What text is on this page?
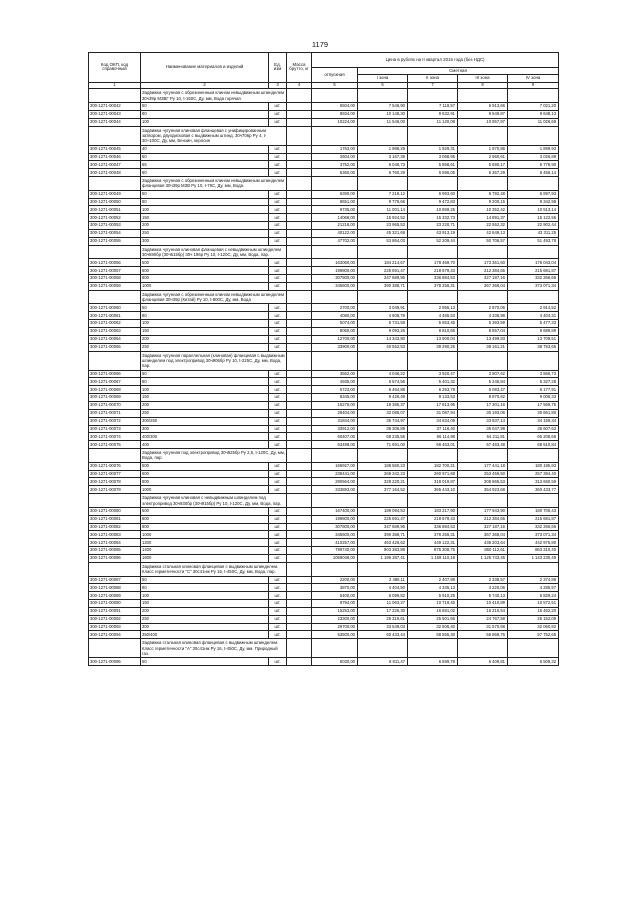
1179
Код ОКП, код справочный	Наименование материалов и изделий	Ед. изм	Масса брутто, кг	Цена в рублях на II квартал 2016 года (без НДС)				
				отпускная	Сметная			
					I зона	II зона	III зона	IV зона
1	2	3	4	5	6	7	8	9
	Задвижка чугунная с обрезиненным клином невыдвижным шпинделем 30ч39р МЗВГ Ру 10, t-150С, Ду, мм, Вода горячая							
300-1271-00042	50	шт.		6504,00	7 546,90	7 118,57	6 913,66	7 021,20
300-1271-00043	80	шт.		8934,00	10 148,30	9 632,91	9 549,87	9 648,13
300-1271-00044	100	шт.		10224,00	11 546,00	11 120,08	10 857,97	11 026,69
	Задвижка чугунная клиновая фланцевая с унифицированным затвором, двухдисковая с выдвижным штинд. 30ч706р Ру 4, t-30+100С, Ду, мм, Бензин, керосин							
300-1271-00045	40	шт.		1763,00	1 988,29	1 929,31	1 870,86	1 899,93
300-1271-00046	50	шт.		2604,00	3 167,39	3 068,95	2 960,61	3 026,89
300-1271-00047	65	шт.		3752,00	6 046,73	5 858,61	5 690,17	5 778,90
300-1271-00048	80	шт.		5360,00	6 760,29	6 596,05	6 367,29	6 456,14
	Задвижка чугунная с обрезиненным клином невыдвижным шпинделем фланцевая 30ч39р МЗВ Ру 10, t-79С, Ду, мм, Вода.							
300-1271-00049	50	шт.		6390,00	7 218,12	6 993,60	6 792,48	6 897,93
300-1271-00050	80	шт.		8651,00	9 776,66	9 472,83	9 200,15	9 342,98
300-1271-00051	100	шт.		9735,00	11 001,14	10 659,25	10 352,42	10 513,14
300-1271-00052	150	шт.		14068,00	15 924,52	15 332,73	14 891,37	15 122,56
300-1271-00053	200	шт.		21218,00	23 965,53	23 220,71	22 552,32	22 902,44
300-1271-00054	250	шт.		40122,00	45 321,69	43 913,19	42 649,13	43 311,25
300-1271-00055	300	шт.		47702,00	53 864,03	52 209,44	50 706,57	51 493,78
	Задвижка чугунная клиновая фланцевая с невыдвижным шпинделем 30ч590бр (30ч515бр) 30ч 196р Ру 10, t-120С, Ду, мм, Вода, пар.							
300-1271-00056	500	шт.		163060,00	184 214,67	178 469,70	173 351,60	176 043,04
300-1271-00057	600	шт.		199800,00	225 691,47	218 679,43	212 384,65	215 681,87
300-1271-00058	800	шт.		307800,00	347 689,95	336 884,53	327 187,16	332 266,66
300-1271-00059	1000	шт.		345600,00	390 388,71	378 256,31	367 368,04	373 071,34
	Задвижка чугунная с обрезиненным клином невыдвижным шпинделем фланцевая 30ч39р (Китай) Ру 10, t-800С, Ду, мм, Вода							
300-1271-00060	50	шт.		2700,00	3 049,91	2 955,13	2 870,06	2 914,52
300-1271-00061	80	шт.		4080,00	4 608,76	4 465,53	4 336,98	4 404,31
300-1271-00062	100	шт.		5074,00	5 731,58	5 553,45	5 393,59	5 477,33
300-1271-00063	150	шт.		8050,00	9 093,26	8 810,66	8 557,04	8 689,89
300-1271-00064	200	шт.		12700,00	14 343,80	13 900,04	13 499,93	13 709,51
300-1271-00065	250	шт.		33900,00	40 552,53	39 290,25	38 161,21	38 753,65
	Задвижка чугунная параллельная (клиновая) фланцевая с выдвижным шпинделем под электропривод 30ч906бр Ру 10, t-225С, Ду, мм, Вода, пар.							
300-1271-00066	50	шт.		3562,00	4 046,22	3 920,47	3 807,62	3 866,73
300-1271-00067	80	шт.		4935,00	5 574,56	5 401,32	5 245,84	5 327,28
300-1271-00068	100	шт.		5723,00	6 464,88	6 263,78	6 083,47	6 177,91
300-1271-00069	150	шт.		8345,00	9 426,49	9 133,53	8 870,62	9 008,33
300-1271-00070	200	шт.		16276,00	18 385,37	17 813,95	17 301,16	17 569,75
300-1271-00071	250	шт.		28404,00	32 085,07	31 087,94	30 193,06	30 661,80
300-1271-00072	300/250	шт.		31844,00	35 744,97	34 634,09	33 637,14	34 159,34
300-1271-00073	300	шт.		33912,00	38 306,89	37 116,40	36 047,99	36 607,63
300-1271-00074	400/300	шт.		60407,00	68 235,56	66 114,98	64 211,81	65 208,66
300-1271-00075	400	шт.		63498,00	71 691,00	69 463,01	67 463,48	68 510,84
	Задвижка чугунная под электропривод 30ч925бр Ру 2,5, t-120С, Ду, мм, Вода, пар.							
300-1271-00076	500	шт.		166927,00	188 560,23	182 700,21	177 441,18	180 195,83
300-1271-00077	600	шт.		238441,00	269 342,23	260 971,68	253 459,50	257 394,40
300-1271-00078	800	шт.		290564,00	328 220,21	318 019,87	308 865,53	313 660,59
300-1271-00079	1000	шт.		333893,00	377 164,52	365 443,10	354 923,68	360 433,77
	Задвижка чугунная клиновая с невыдвижным шпинделем под электропривод 30ч930бр (30ч915бр) Ру 10, t-120С, Ду, мм, Вода, пар.							
300-1271-00080	500	шт.		167400,00	189 094,53	183 217,90	177 943,90	180 706,43
300-1271-00081	600	шт.		199800,00	225 691,47	218 679,43	212 384,65	215 681,87
300-1271-00082	800	шт.		307800,00	347 689,95	336 884,53	327 187,16	332 266,66
300-1271-00083	1000	шт.		345600,00	390 388,71	378 256,31	367 368,04	373 071,34
300-1271-00084	1200	шт.		410257,00	463 426,62	449 122,31	436 203,64	442 975,80
300-1271-00085	1400	шт.		799740,00	903 383,88	875 308,75	850 112,61	863 310,40
300-1271-00086	1600	шт.		1059048,00	1 196 287,41	1 159 110,19	1 125 743,45	1 143 230,49
	Задвижка стальная клиновая фланцевая с выдвижным шпинделем. Класс герметичности "С" 30с41нж Ру 16, t-450С, Ду, мм, Вода, пар.							
300-1271-00087	50	шт.		2200,00	2 485,11	2 407,88	2 338,57	2 374,89
300-1271-00088	80	шт.		3870,00	4 404,50	4 345,13	4 220,06	4 285,57
300-1271-00089	100	шт.		5400,00	6 099,82	5 910,25	5 740,13	5 829,24
300-1271-00090	150	шт.		9794,00	11 063,27	10 719,45	10 410,89	10 572,51
300-1271-00091	200	шт.		15253,00	17 226,30	16 681,02	16 210,54	16 462,20
300-1271-00092	250	шт.		23300,00	26 319,61	25 501,66	24 767,58	25 152,09
300-1271-00093	300	шт.		29700,00	33 549,03	32 506,40	31 570,68	32 060,82
300-1271-00094	350/400	шт.		53500,00	60 433,44	58 555,30	56 869,76	57 752,65
	Задвижка стальная клиновая фланцевая с выдвижным шпинделем. Класс герметичности "А" 30с41нж Ру 16, t-450С, Ду, мм. Природный газ.							
300-1271-00095	50	шт.		6030,00	6 811,47	6 599,78	6 409,81	6 509,32
